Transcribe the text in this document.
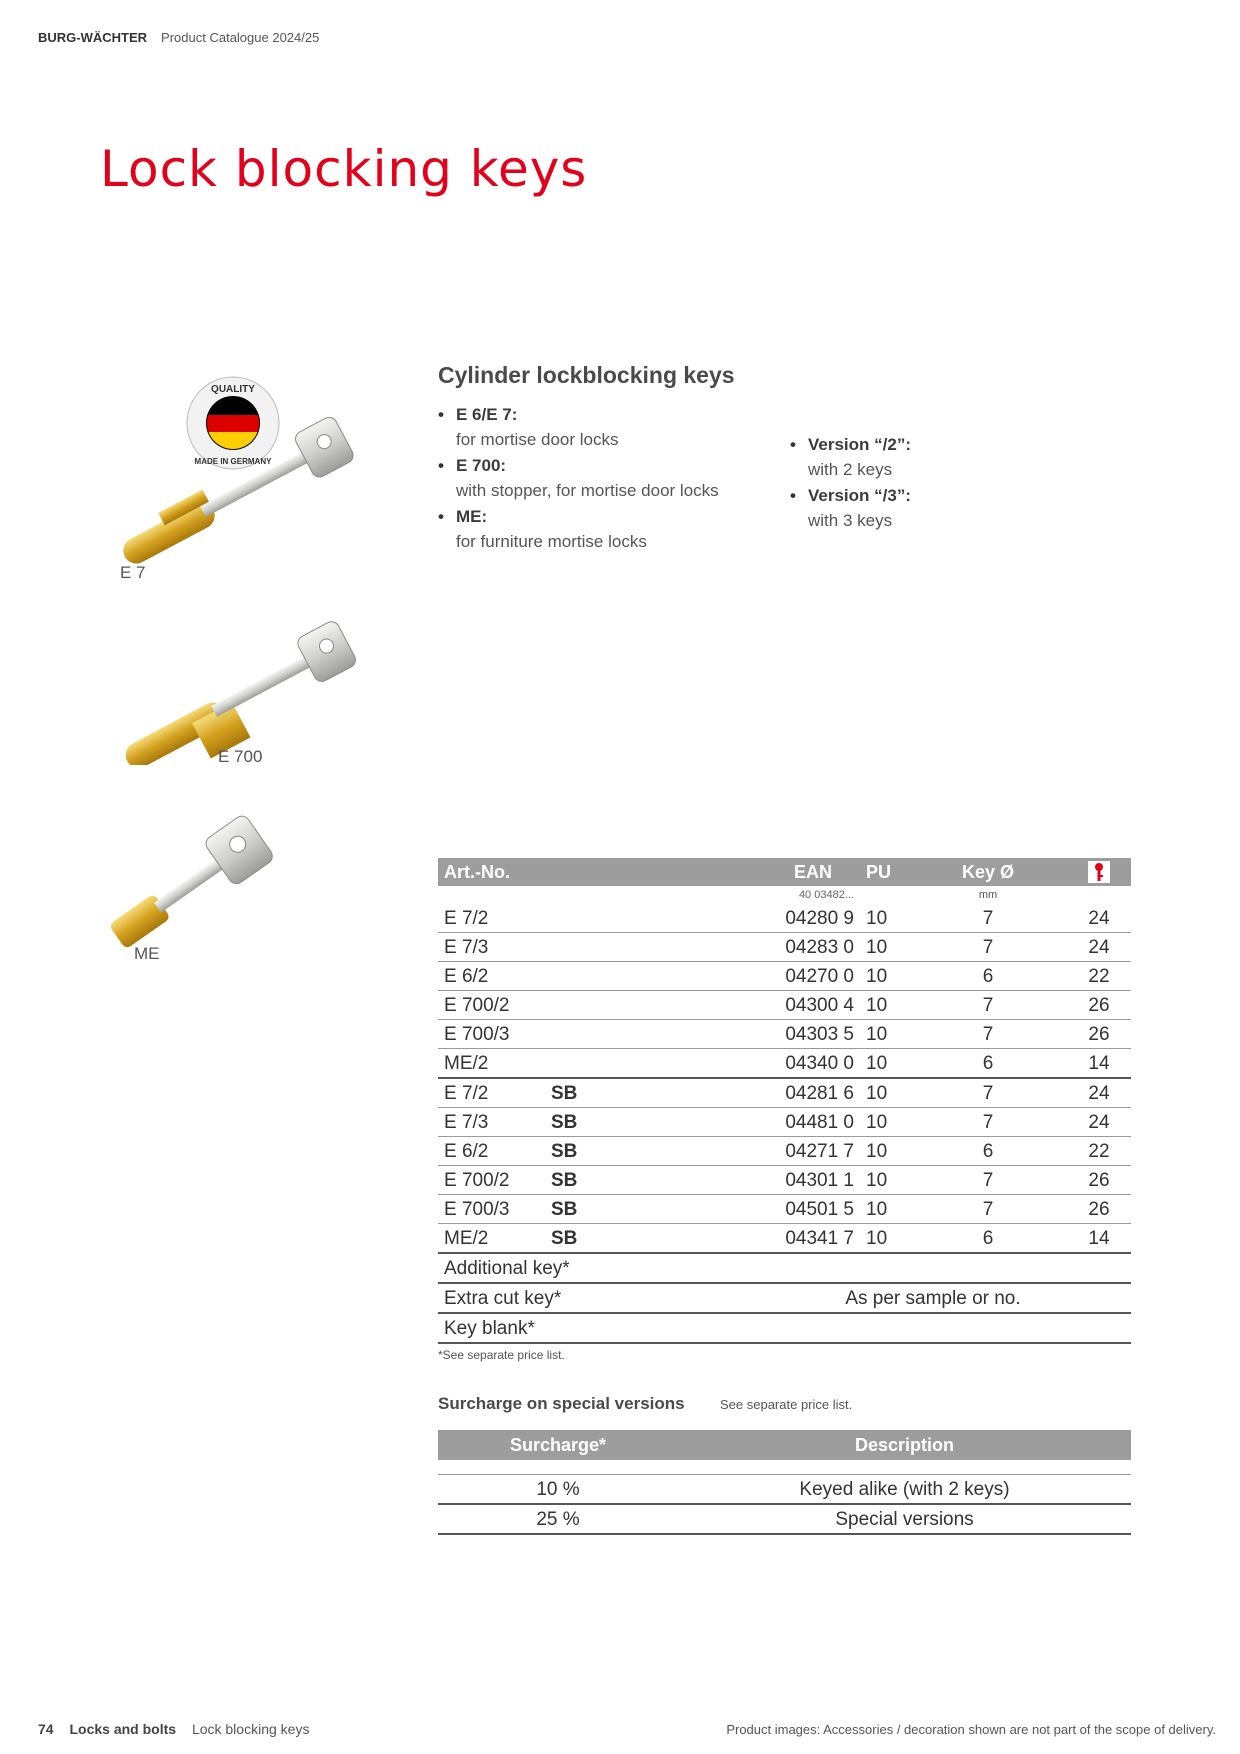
BURG-WÄCHTER Product Catalogue 2024/25
Lock blocking keys
QUALITY
MADE IN GERMANY
E 7
E 700
ME
Cylinder lockblocking keys
• E 6/E 7:
for mortise door locks
• E 700:
with stopper, for mortise door locks
• ME:
for furniture mortise locks
• Version “/2”:
with 2 keys
• Version “/3”:
with 3 keys
Art.-No.	EAN PU	Key Ø
40 03482...	mm
E 7/2	04280 9 10	7	24
E 7/3	04283 0 10	7	24
E 6/2	04270 0 10	6	22
E 700/2	04300 4 10	7	26
E 700/3	04303 5 10	7	26
ME/2	04340 0 10	6	14
E 7/2	SB	04281 6 10	7	24
E 7/3	SB	04481 0 10	7	24
E 6/2	SB	04271 7 10	6	22
E 700/2 SB	04301 1 10	7	26
E 700/3 SB	04501 5 10	7	26
ME/2	SB	04341 7 10	6	14
Additional key*
Extra cut key*	As per sample or no.
Key blank*
*See separate price list.
Surcharge on special versions	See separate price list.
Surcharge*	Description
10 %	Keyed alike (with 2 keys)
25 %	Special versions
74 Locks and bolts Lock blocking keys	Product images: Accessories / decoration shown are not part of the scope of delivery.
